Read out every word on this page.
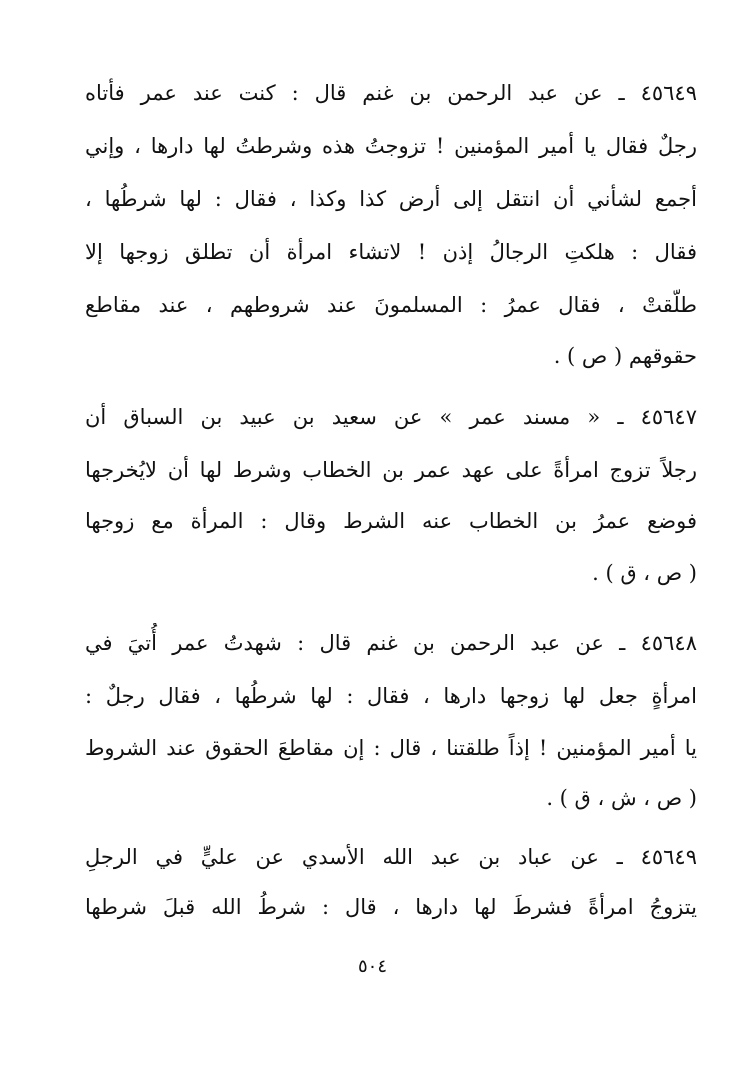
٤٥٦٤٩ ـ عن عبد الرحمن بن غنم قال : كنت عند عمر فأتاه
رجلٌ فقال يا أمير المؤمنين ! تزوجتُ هذه وشرطتُ لها دارها ، وإني
أجمع لشأني أن انتقل إلى أرض كذا وكذا ، فقال : لها شرطُها ،
فقال : هلكتِ الرجالُ إذن ! لاتشاء امرأة أن تطلق زوجها إلا
طلّقتْ ، فقال عمرُ : المسلمونَ عند شروطهم ، عند مقاطع
حقوقهم ( ص ) .
٤٥٦٤٧ ـ « مسند عمر » عن سعيد بن عبيد بن السباق أن
رجلاً تزوج امرأةً على عهد عمر بن الخطاب وشرط لها أن لايُخرجها
فوضع عمرُ بن الخطاب عنه الشرط وقال : المرأة مع زوجها
( ص ، ق ) .
٤٥٦٤٨ ـ عن عبد الرحمن بن غنم قال : شهدتُ عمر أُتيَ في
امرأةٍ جعل لها زوجها دارها ، فقال : لها شرطُها ، فقال رجلٌ :
يا أمير المؤمنين ! إذاً طلقتنا ، قال : إن مقاطعَ الحقوق عند الشروط
( ص ، ش ، ق ) .
٤٥٦٤٩ ـ عن عباد بن عبد الله الأسدي عن عليٍّ في الرجلِ
يتزوجُ امرأةً فشرطَ لها دارها ، قال : شرطُ الله قبلَ شرطها
٥٠٤
